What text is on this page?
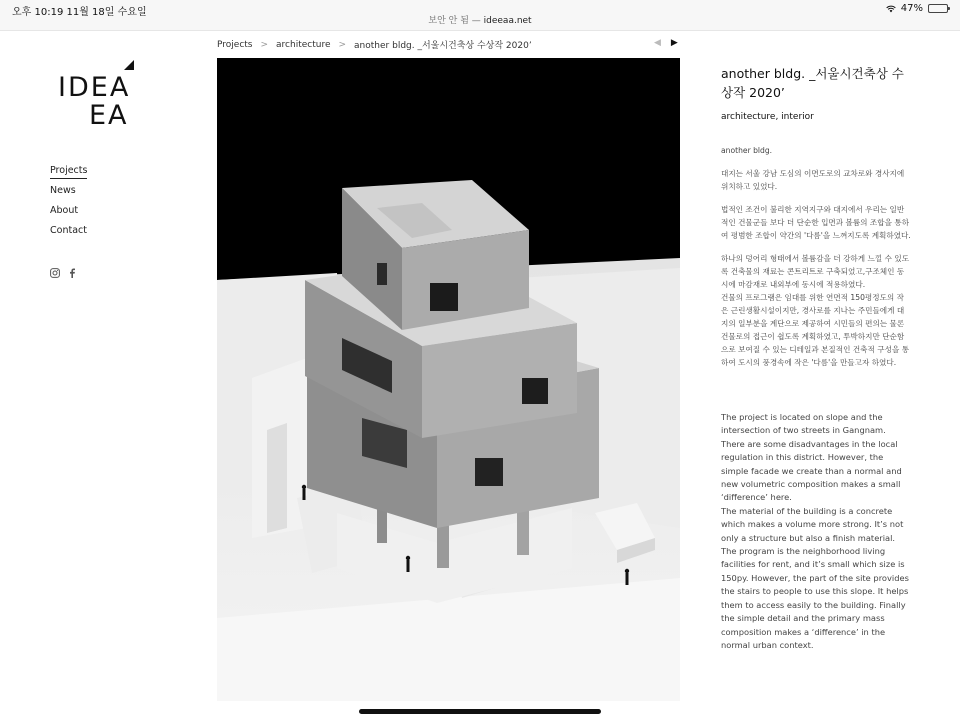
오후 10:19 11월 18일 수요일
보안 안 됨 — ideeaa.net
47%
IDEA
EA
Projects
News
About
Contact
Projects > architecture > another bldg. _서울시건축상 수상작 2020’	◀ ▶
another bldg. _서울시건축상 수상작 2020’
architecture, interior

another bldg.

대지는 서울 강남 도심의 이면도로의 교차로와 경사지에 위치하고 있었다.

법적인 조건이 불리한 지역지구와 대지에서 우리는 일반적인 건물군들 보다 더 단순한 입면과 볼륨의 조합을 통하여 평범한 조합이 약간의 '다름'을 느껴지도록 계획하였다.

하나의 덩어리 형태에서 볼륨감을 더 강하게 느낄 수 있도록 건축물의 재료는 콘트리트로 구축되었고,구조체인 동시에 마감재로 내외부에 동시에 적용하였다.
건물의 프로그램은 임대를 위한 연면적 150평정도의 작은 근린생활시설이지만, 경사로를 지나는 주민들에게 대지의 일부분을 계단으로 제공하여 시민들의 편의는 물론 건물로의 접근이 쉽도록 계획하였고, 투박하지만 단순함으로 보여질 수 있는 디테일과 본질적인 건축적 구성을 통하여 도시의 풍경속에 작은 '다름'을 만들고자 하였다.

The project is located on slope and the intersection of two streets in Gangnam. There are some disadvantages in the local regulation in this district. However, the simple facade we create than a normal and new volumetric composition makes a small ‘difference’ here.
The material of the building is a concrete which makes a volume more strong. It’s not only a structure but also a finish material. The program is the neighborhood living facilities for rent, and it’s small which size is 150py. However, the part of the site provides the stairs to people to use this slope. It helps them to access easily to the building. Finally the simple detail and the primary mass composition makes a ‘difference’ in the normal urban context.
